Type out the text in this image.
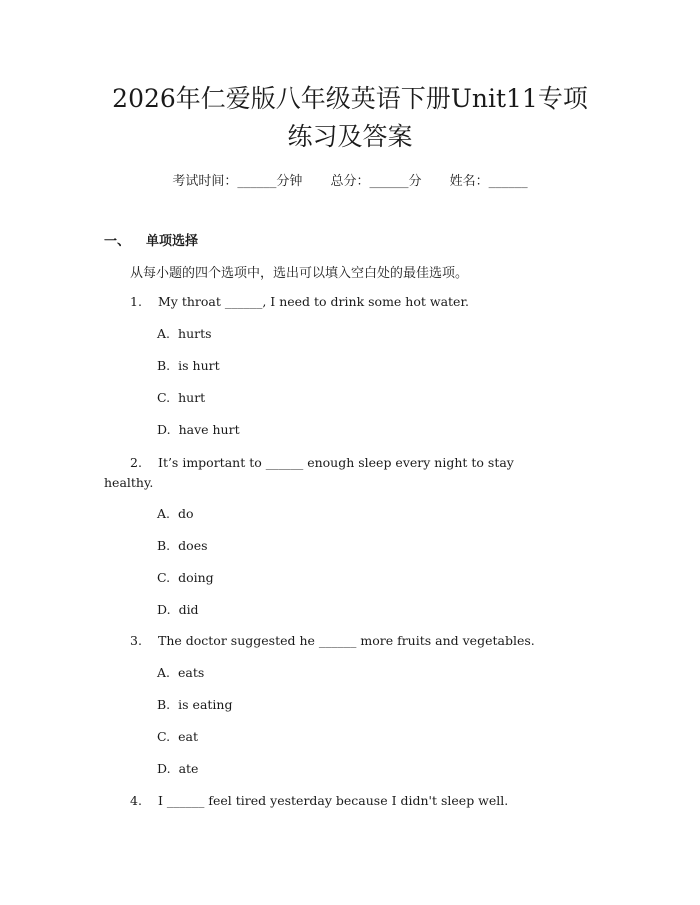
2026年仁爱版八年级英语下册Unit11专项
练习及答案
考试时间：______分钟 总分：______分 姓名：______
一、 单项选择
从每小题的四个选项中，选出可以填入空白处的最佳选项。
1. My throat ______, I need to drink some hot water.
A. hurts
B. is hurt
C. hurt
D. have hurt
2. It’s important to ______ enough sleep every night to stay healthy.
A. do
B. does
C. doing
D. did
3. The doctor suggested he ______ more fruits and vegetables.
A. eats
B. is eating
C. eat
D. ate
4. I ______ feel tired yesterday because I didn't sleep well.
